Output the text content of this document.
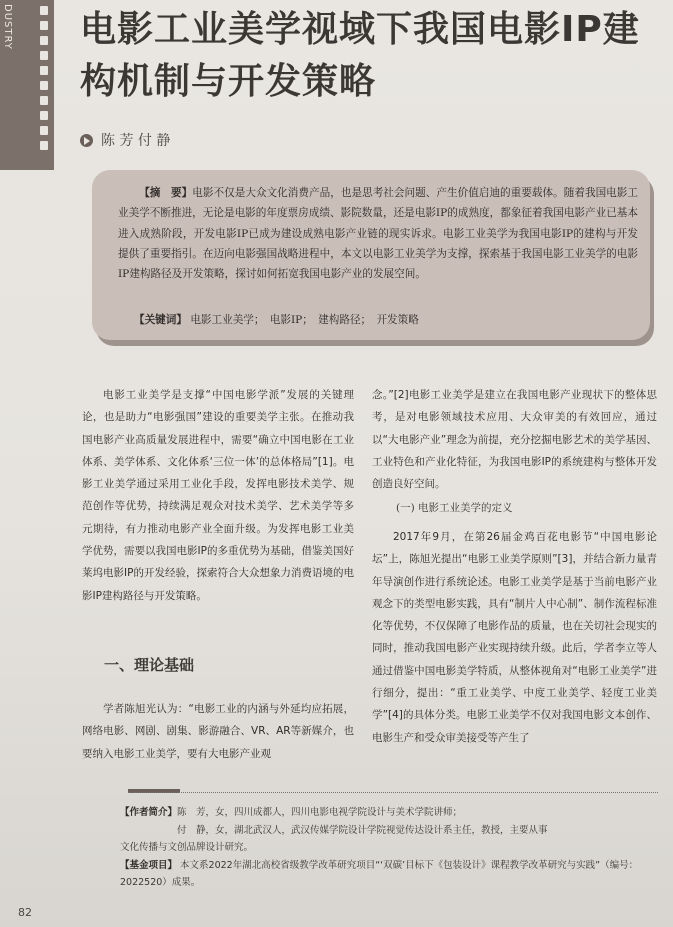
DUSTRY 电影工业美学视域下我国电影IP建构机制与开发策略
陈 芳 付 静
【摘　要】电影不仅是大众文化消费产品，也是思考社会问题、产生价值启迪的重要载体。随着我国电影工业美学不断推进，无论是电影的年度票房成绩、影院数量，还是电影IP的成熟度，都象征着我国电影产业已基本进入成熟阶段，开发电影IP已成为建设成熟电影产业链的现实诉求。电影工业美学为我国电影IP的建构与开发提供了重要指引。在迈向电影强国战略进程中，本文以电影工业美学为支撑，探索基于我国电影工业美学的电影IP建构路径及开发策略，探讨如何拓宽我国电影产业的发展空间。
【关键词】 电影工业美学；　电影IP；　建构路径；　开发策略
电影工业美学是支撑“中国电影学派”发展的关键理论，也是助力“电影强国”建设的重要美学主张。在推动我国电影产业高质量发展进程中，需要“确立中国电影在工业体系、美学体系、文化体系‘三位一体’的总体格局”[1]。电影工业美学通过采用工业化手段，发挥电影技术美学、规范创作等优势，持续满足观众对技术美学、艺术美学等多元期待，有力推动电影产业全面升级。为发挥电影工业美学优势，需要以我国电影IP的多重优势为基础，借鉴美国好莱坞电影IP的开发经验，探索符合大众想象力消费语境的电影IP建构路径与开发策略。
一、理论基础
学者陈旭光认为：“电影工业的内涵与外延均应拓展，网络电影、网剧、剧集、影游融合、VR、AR等新媒介，也要纳入电影工业美学，要有大电影产业观
念。”[2]电影工业美学是建立在我国电影产业现状下的整体思考，是对电影领域技术应用、大众审美的有效回应，通过以“大电影产业”理念为前提，充分挖掘电影艺术的美学基因、工业特色和产业化特征，为我国电影IP的系统建构与整体开发创造良好空间。
(一) 电影工业美学的定义
2017年9月，在第26届金鸡百花电影节“中国电影论坛”上，陈旭光提出“电影工业美学原则”[3]，并结合新力量青年导演创作进行系统论述。电影工业美学是基于当前电影产业观念下的类型电影实践，具有“制片人中心制”、制作流程标准化等优势，不仅保障了电影作品的质量，也在关切社会现实的同时，推动我国电影产业实现持续升级。此后，学者李立等人通过借鉴中国电影美学特质，从整体视角对“电影工业美学”进行细分，提出：“重工业美学、中度工业美学、轻度工业美学”[4]的具体分类。电影工业美学不仅对我国电影文本创作、电影生产和受众审美接受等产生了
【作者简介】 陈　芳，女，四川成都人，四川电影电视学院设计与美术学院讲师；
付　静，女，湖北武汉人，武汉传媒学院设计学院视觉传达设计系主任，教授，主要从事
文化传播与文创品牌设计研究。
【基金项目】 本文系2022年湖北高校省级教学改革研究项目“‘双碳’目标下《包装设计》课程教学改革研究与实践”（编号：2022520）成果。
82
